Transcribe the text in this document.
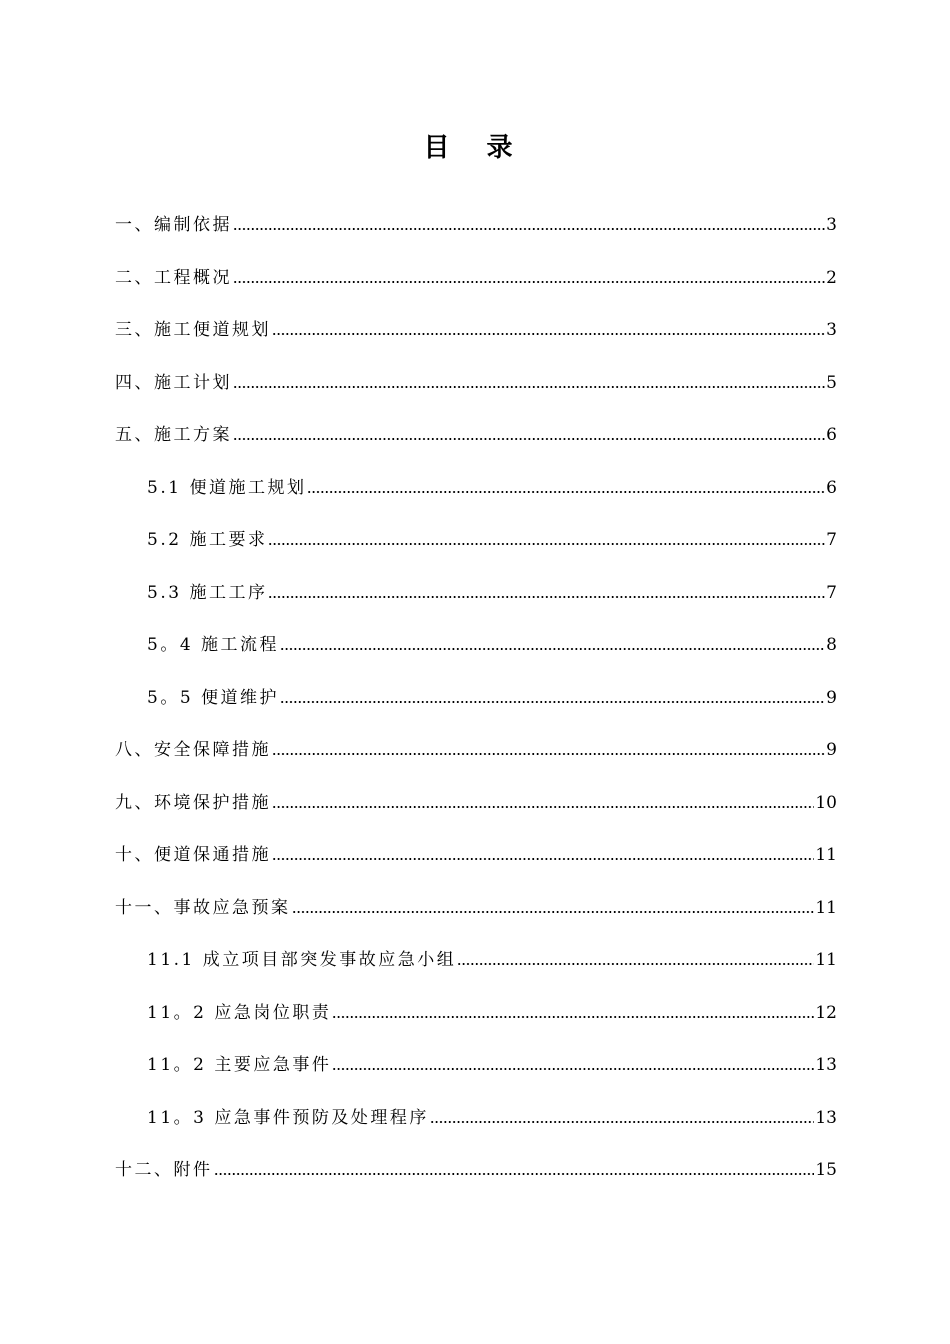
目 录
一、编制依据	3
二、工程概况	2
三、施工便道规划	3
四、施工计划	5
五、施工方案	6
5.1 便道施工规划	6
5.2 施工要求	7
5.3 施工工序	7
5。4 施工流程	8
5。5 便道维护	9
八、安全保障措施	9
九、环境保护措施	10
十、便道保通措施	11
十一、事故应急预案	11
11.1 成立项目部突发事故应急小组	11
11。2 应急岗位职责	12
11。2 主要应急事件	13
11。3 应急事件预防及处理程序	13
十二、附件	15
